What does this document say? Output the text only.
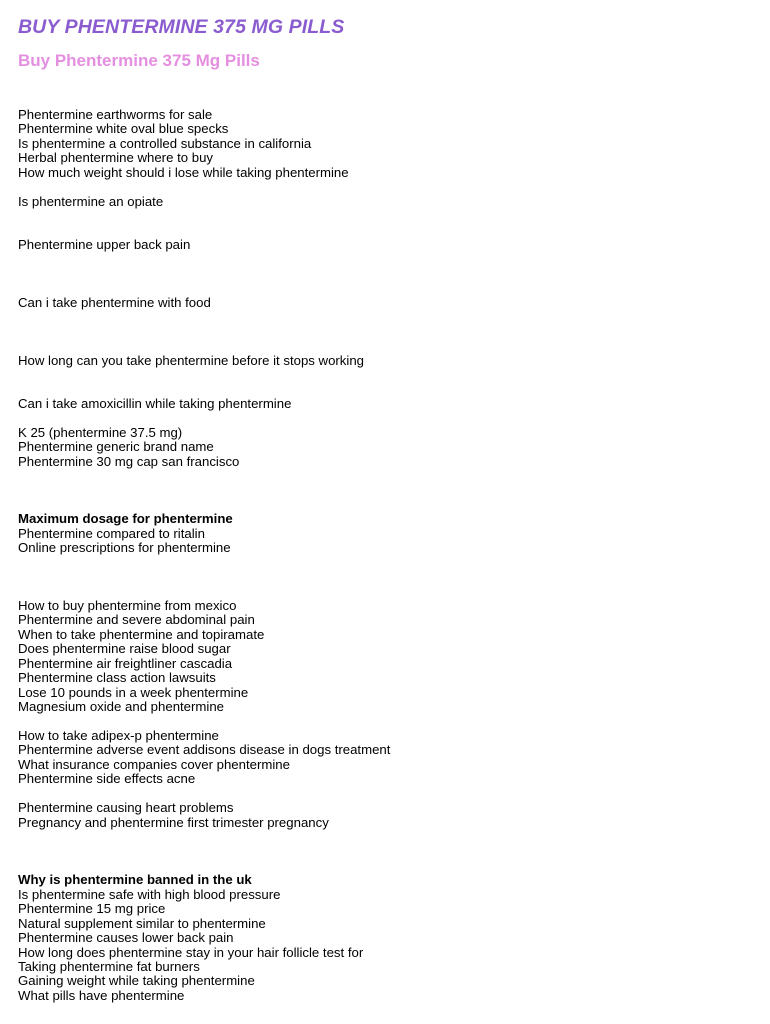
BUY PHENTERMINE 375 MG PILLS
Buy Phentermine 375 Mg Pills
Phentermine earthworms for sale
Phentermine white oval blue specks
Is phentermine a controlled substance in california
Herbal phentermine where to buy
How much weight should i lose while taking phentermine
Is phentermine an opiate
Phentermine upper back pain
Can i take phentermine with food
How long can you take phentermine before it stops working
Can i take amoxicillin while taking phentermine
K 25 (phentermine 37.5 mg)
Phentermine generic brand name
Phentermine 30 mg cap san francisco
Maximum dosage for phentermine
Phentermine compared to ritalin
Online prescriptions for phentermine
How to buy phentermine from mexico
Phentermine and severe abdominal pain
When to take phentermine and topiramate
Does phentermine raise blood sugar
Phentermine air freightliner cascadia
Phentermine class action lawsuits
Lose 10 pounds in a week phentermine
Magnesium oxide and phentermine
How to take adipex-p phentermine
Phentermine adverse event addisons disease in dogs treatment
What insurance companies cover phentermine
Phentermine side effects acne
Phentermine causing heart problems
Pregnancy and phentermine first trimester pregnancy
Why is phentermine banned in the uk
Is phentermine safe with high blood pressure
Phentermine 15 mg price
Natural supplement similar to phentermine
Phentermine causes lower back pain
How long does phentermine stay in your hair follicle test for
Taking phentermine fat burners
Gaining weight while taking phentermine
What pills have phentermine
